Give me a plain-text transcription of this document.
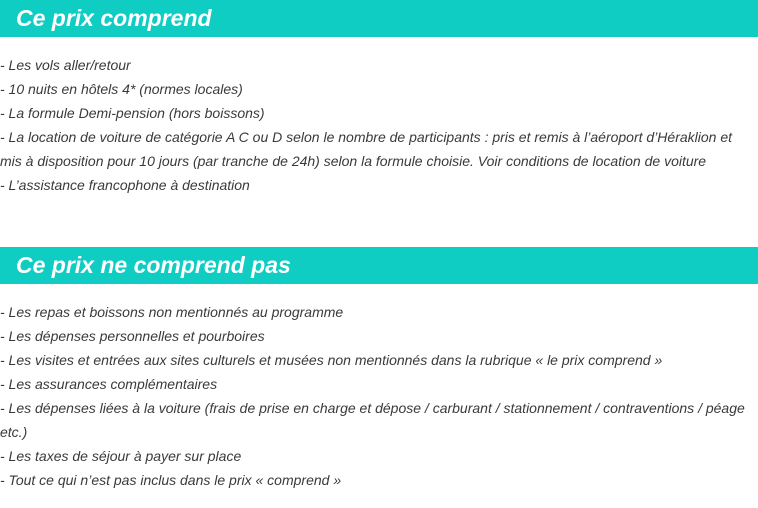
Ce prix comprend
- Les vols aller/retour
- 10 nuits en hôtels 4* (normes locales)
- La formule Demi-pension (hors boissons)
- La location de voiture de catégorie A C ou D selon le nombre de participants : pris et remis à l’aéroport d’Héraklion et mis à disposition pour 10 jours (par tranche de 24h) selon la formule choisie. Voir conditions de location de voiture
- L’assistance francophone à destination
Ce prix ne comprend pas
- Les repas et boissons non mentionnés au programme
- Les dépenses personnelles et pourboires
- Les visites et entrées aux sites culturels et musées non mentionnés dans la rubrique « le prix comprend »
- Les assurances complémentaires
- Les dépenses liées à la voiture (frais de prise en charge et dépose / carburant / stationnement / contraventions / péage etc.)
- Les taxes de séjour à payer sur place
- Tout ce qui n’est pas inclus dans le prix « comprend »
